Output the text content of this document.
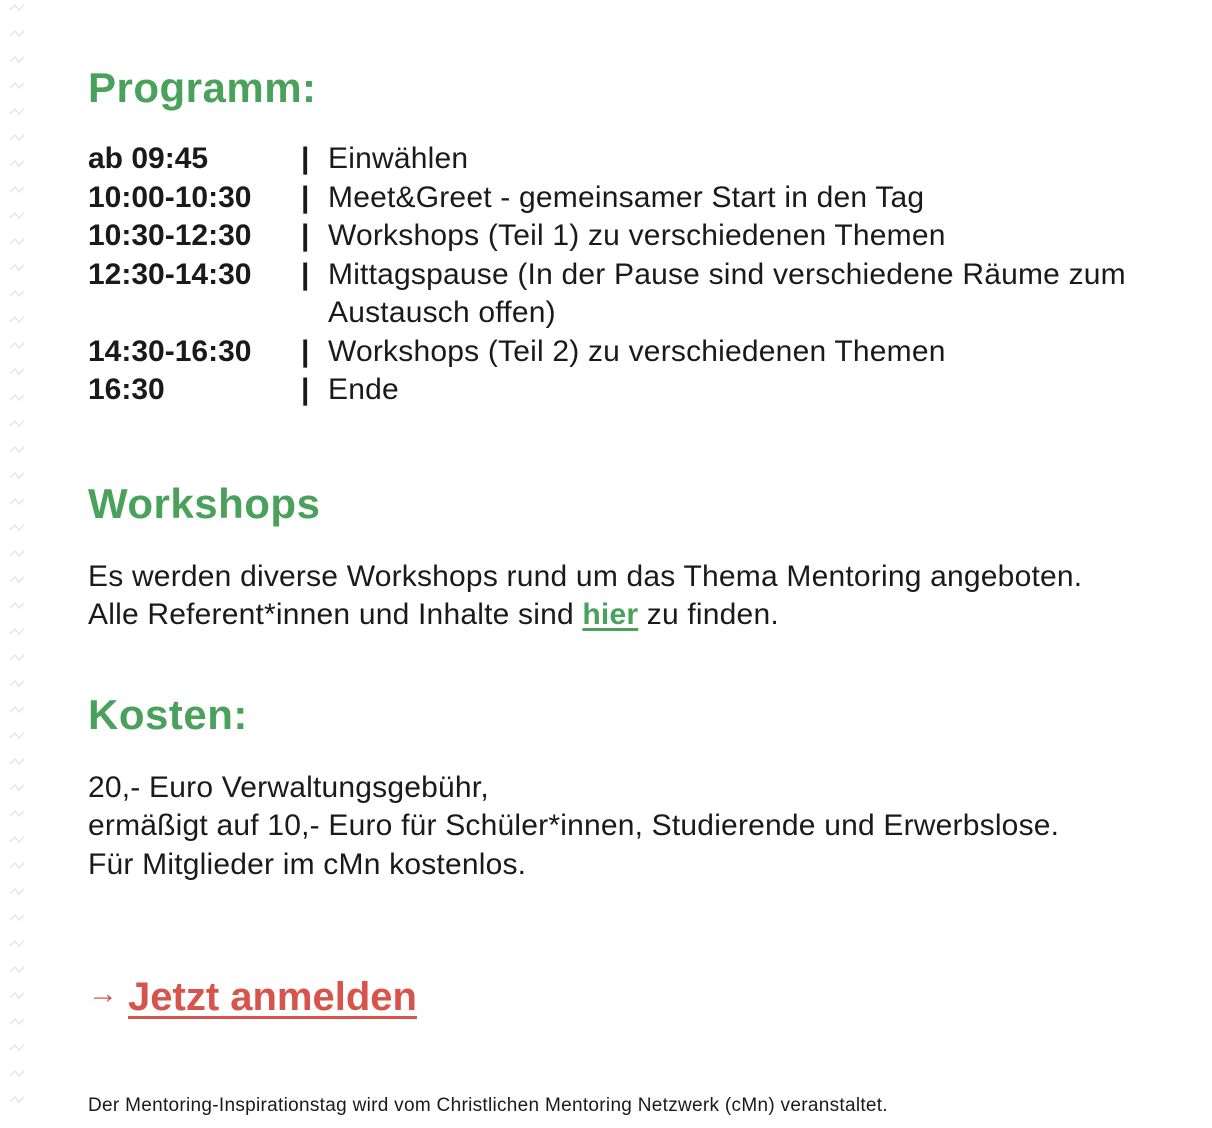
Programm:
ab 09:45	| Einwählen
10:00-10:30	| Meet&Greet - gemeinsamer Start in den Tag
10:30-12:30	| Workshops (Teil 1) zu verschiedenen Themen
12:30-14:30	| Mittagspause (In der Pause sind verschiedene Räume zum Austausch offen)
14:30-16:30	| Workshops (Teil 2) zu verschiedenen Themen
16:30	| Ende
Workshops

Es werden diverse Workshops rund um das Thema Mentoring angeboten.

Alle Referent*innen und Inhalte sind hier zu finden.

Kosten:

20,- Euro Verwaltungsgebühr,

ermäßigt auf 10,- Euro für Schüler*innen, Studierende und Erwerbslose.

Für Mitglieder im cMn kostenlos.

→ Jetzt anmelden
Der Mentoring-Inspirationstag wird vom Christlichen Mentoring Netzwerk (cMn) veranstaltet.
